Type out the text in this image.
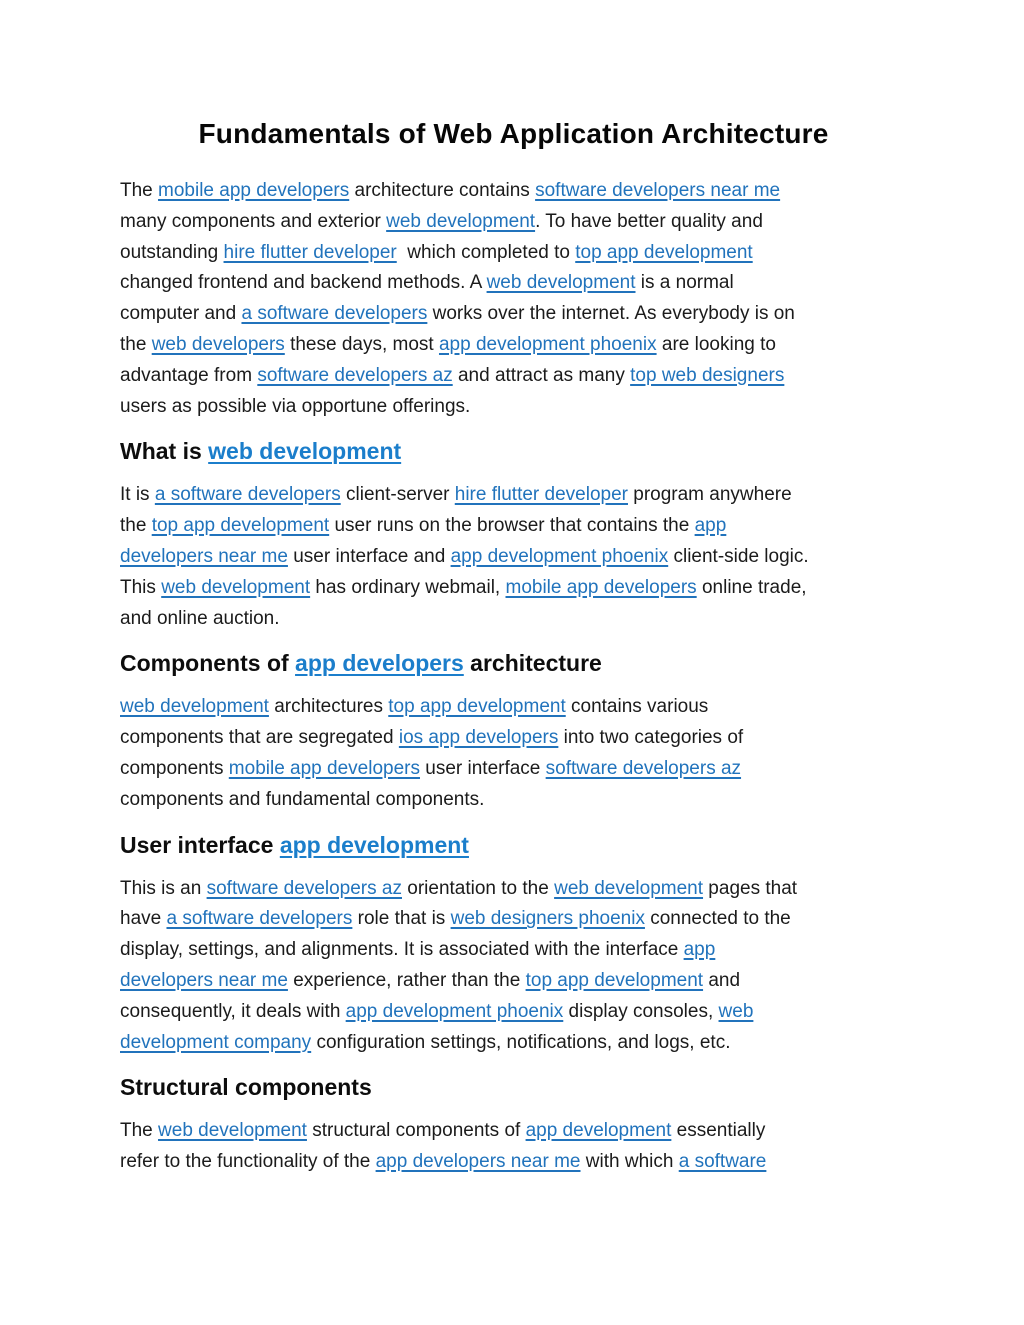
Fundamentals of Web Application Architecture

The mobile app developers architecture contains software developers near me
many components and exterior web development. To have better quality and
outstanding hire flutter developer  which completed to top app development
changed frontend and backend methods. A web development is a normal
computer and a software developers works over the internet. As everybody is on
the web developers these days, most app development phoenix are looking to
advantage from software developers az and attract as many top web designers
users as possible via opportune offerings.

What is web development

It is a software developers client-server hire flutter developer program anywhere
the top app development user runs on the browser that contains the app
developers near me user interface and app development phoenix client-side logic.
This web development has ordinary webmail, mobile app developers online trade,
and online auction.

Components of app developers architecture

web development architectures top app development contains various
components that are segregated ios app developers into two categories of
components mobile app developers user interface software developers az
components and fundamental components.

User interface app development

This is an software developers az orientation to the web development pages that
have a software developers role that is web designers phoenix connected to the
display, settings, and alignments. It is associated with the interface app
developers near me experience, rather than the top app development and
consequently, it deals with app development phoenix display consoles, web
development company configuration settings, notifications, and logs, etc.

Structural components

The web development structural components of app development essentially
refer to the functionality of the app developers near me with which a software
